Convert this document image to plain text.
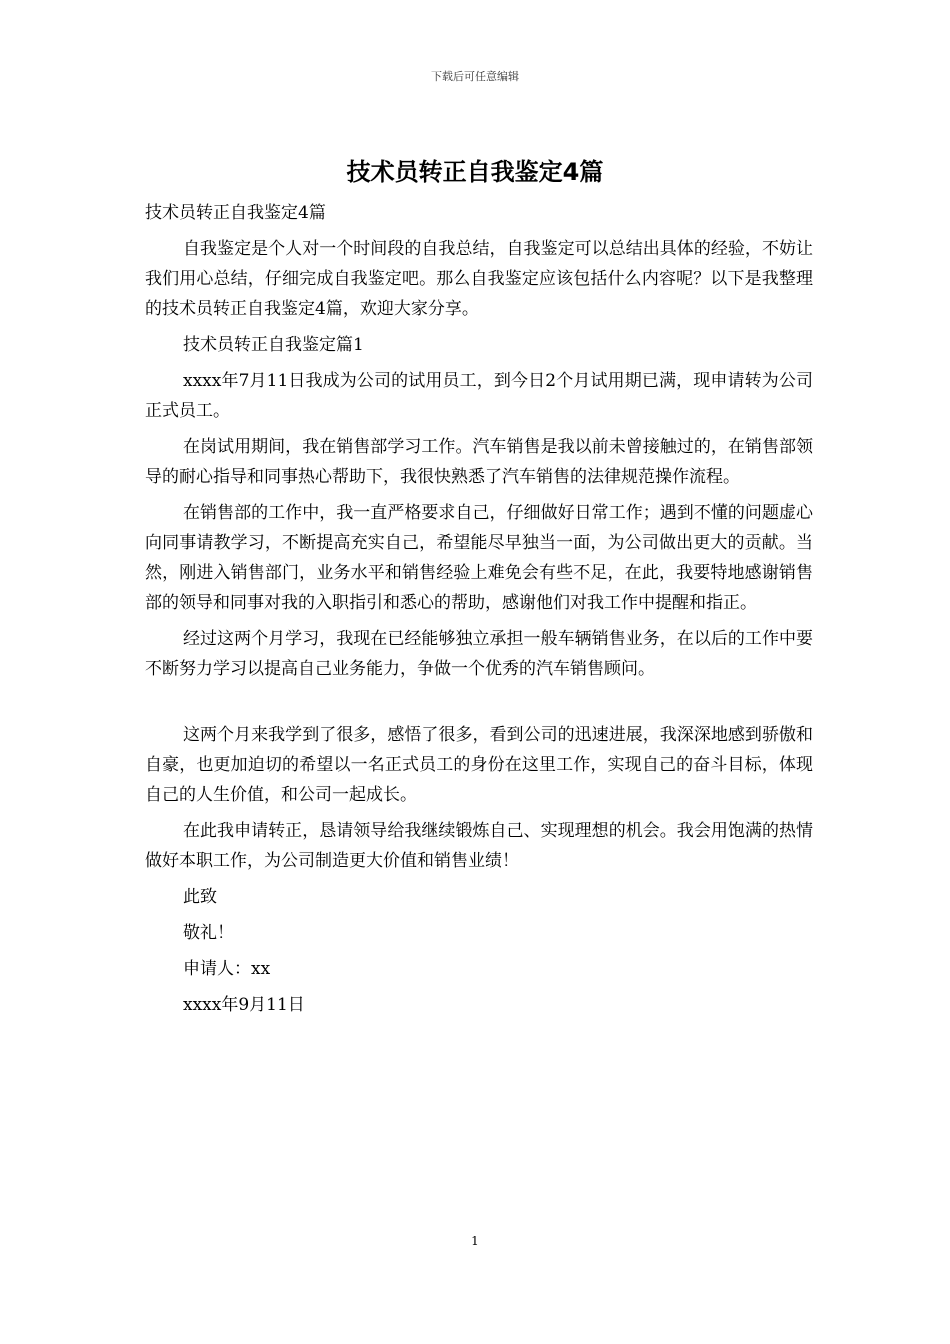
下载后可任意编辑
技术员转正自我鉴定4篇

技术员转正自我鉴定4篇

自我鉴定是个人对一个时间段的自我总结，自我鉴定可以总结出具体的经验，不妨让我们用心总结，仔细完成自我鉴定吧。那么自我鉴定应该包括什么内容呢？以下是我整理的技术员转正自我鉴定4篇，欢迎大家分享。

技术员转正自我鉴定篇1

xxxx年7月11日我成为公司的试用员工，到今日2个月试用期已满，现申请转为公司正式员工。

在岗试用期间，我在销售部学习工作。汽车销售是我以前未曾接触过的，在销售部领导的耐心指导和同事热心帮助下，我很快熟悉了汽车销售的法律规范操作流程。

在销售部的工作中，我一直严格要求自己，仔细做好日常工作；遇到不懂的问题虚心向同事请教学习，不断提高充实自己，希望能尽早独当一面，为公司做出更大的贡献。当然，刚进入销售部门，业务水平和销售经验上难免会有些不足，在此，我要特地感谢销售部的领导和同事对我的入职指引和悉心的帮助，感谢他们对我工作中提醒和指正。

经过这两个月学习，我现在已经能够独立承担一般车辆销售业务，在以后的工作中要不断努力学习以提高自己业务能力，争做一个优秀的汽车销售顾问。

这两个月来我学到了很多，感悟了很多，看到公司的迅速进展，我深深地感到骄傲和自豪，也更加迫切的希望以一名正式员工的身份在这里工作，实现自己的奋斗目标，体现自己的人生价值，和公司一起成长。

在此我申请转正，恳请领导给我继续锻炼自己、实现理想的机会。我会用饱满的热情做好本职工作，为公司制造更大价值和销售业绩！

此致

敬礼！

申请人：xx

xxxx年9月11日

1
